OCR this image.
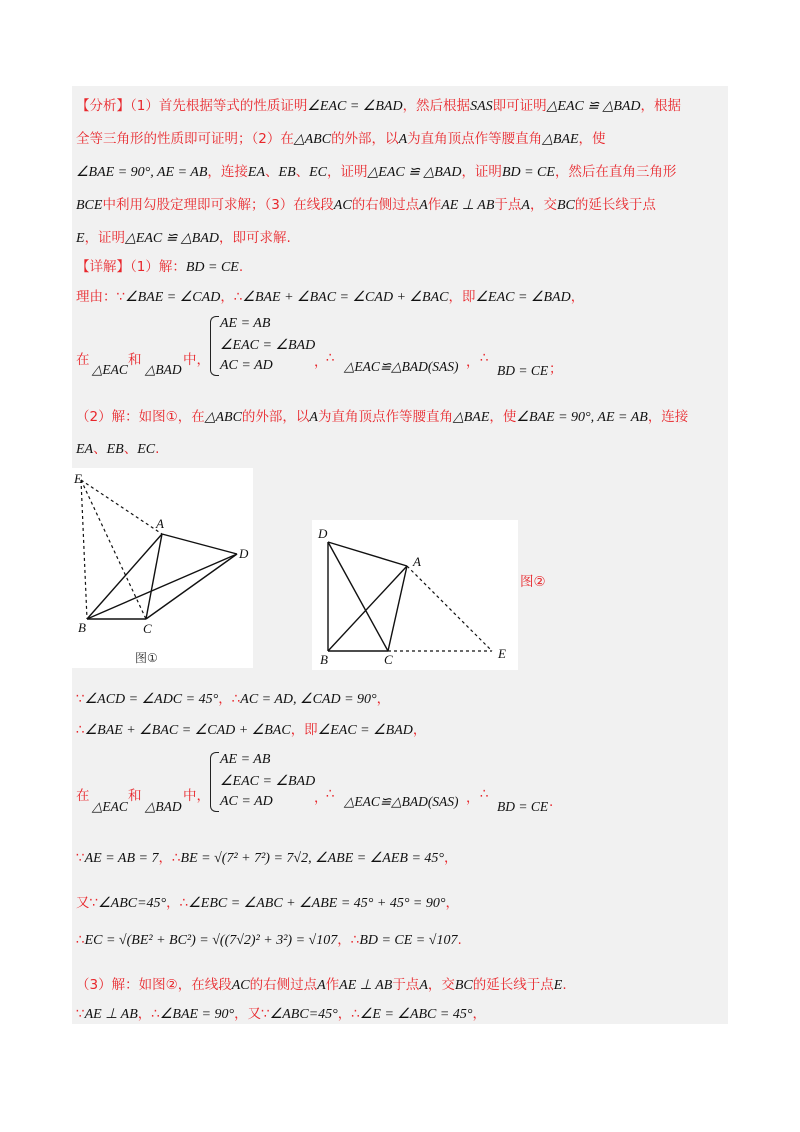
【分析】（1）首先根据等式的性质证明∠EAC = ∠BAD，然后根据SAS即可证明△EAC ≌ △BAD，根据
全等三角形的性质即可证明；（2）在△ABC的外部，以A为直角顶点作等腰直角△BAE，使
∠BAE = 90°, AE = AB，连接EA、EB、EC，证明△EAC ≌ △BAD，证明BD = CE，然后在直角三角形
BCE中利用勾股定理即可求解；（3）在线段AC的右侧过点A作AE ⊥ AB于点A，交BC的延长线于点
E，证明△EAC ≌ △BAD，即可求解.
【详解】（1）解：BD = CE.
理由：∵∠BAE = ∠CAD，∴∠BAE + ∠BAC = ∠CAD + ∠BAC，即∠EAC = ∠BAD，
在
△EAC
和
△BAD
中，
AE = AB
∠EAC = ∠BAD
AC = AD	，
∴
△EAC≌△BAD(SAS) ， ∴
BD = CE ；
（2）解：如图①，在△ABC的外部，以A为直角顶点作等腰直角△BAE，使∠BAE = 90°, AE = AB，连接
EA、EB、EC.
E
A
D
B	C
图①
D
A
B	C	E
图②
∵∠ACD = ∠ADC = 45°，∴AC = AD, ∠CAD = 90°，
∴∠BAE + ∠BAC = ∠CAD + ∠BAC，即∠EAC = ∠BAD，
在
△EAC
和
△BAD
中，
AE = AB
∠EAC = ∠BAD
AC = AD	，
∴ △EAC≌△BAD(SAS) ， ∴
BD = CE .
∵AE = AB = 7，∴BE = √(7² + 7²) = 7√2, ∠ABE = ∠AEB = 45°，
又∵∠ABC=45°，∴∠EBC = ∠ABC + ∠ABE = 45° + 45° = 90°，
∴EC = √(BE² + BC²) = √((7√2)² + 3²) = √107，∴BD = CE = √107.
（3）解：如图②，在线段AC的右侧过点A作AE ⊥ AB于点A，交BC的延长线于点E.
∵AE ⊥ AB，∴∠BAE = 90°，又∵∠ABC=45°，∴∠E = ∠ABC = 45°，
